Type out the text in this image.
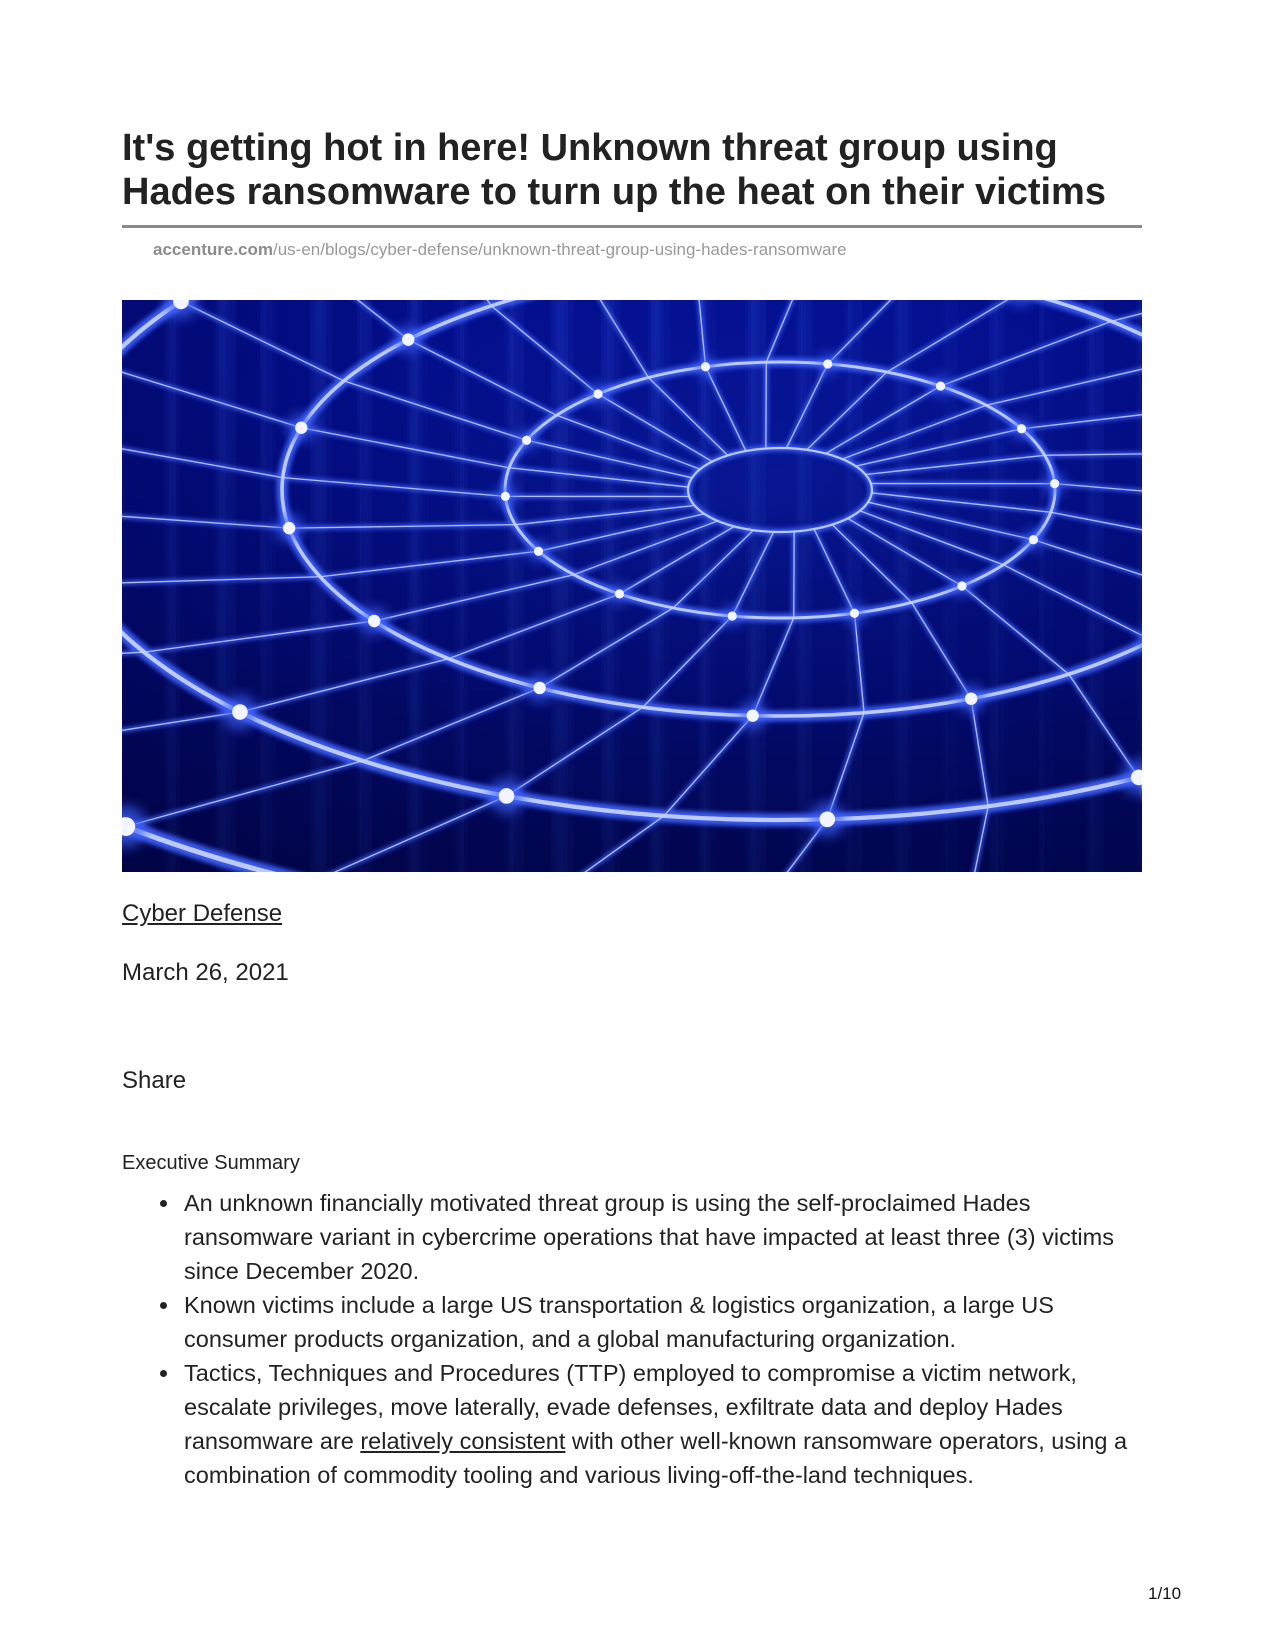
It's getting hot in here! Unknown threat group using Hades ransomware to turn up the heat on their victims
accenture.com/us-en/blogs/cyber-defense/unknown-threat-group-using-hades-ransomware
Cyber Defense
March 26, 2021
Share
Executive Summary
An unknown financially motivated threat group is using the self-proclaimed Hades ransomware variant in cybercrime operations that have impacted at least three (3) victims since December 2020.
Known victims include a large US transportation & logistics organization, a large US consumer products organization, and a global manufacturing organization.
Tactics, Techniques and Procedures (TTP) employed to compromise a victim network, escalate privileges, move laterally, evade defenses, exfiltrate data and deploy Hades ransomware are relatively consistent with other well-known ransomware operators, using a combination of commodity tooling and various living-off-the-land techniques.
1/10
